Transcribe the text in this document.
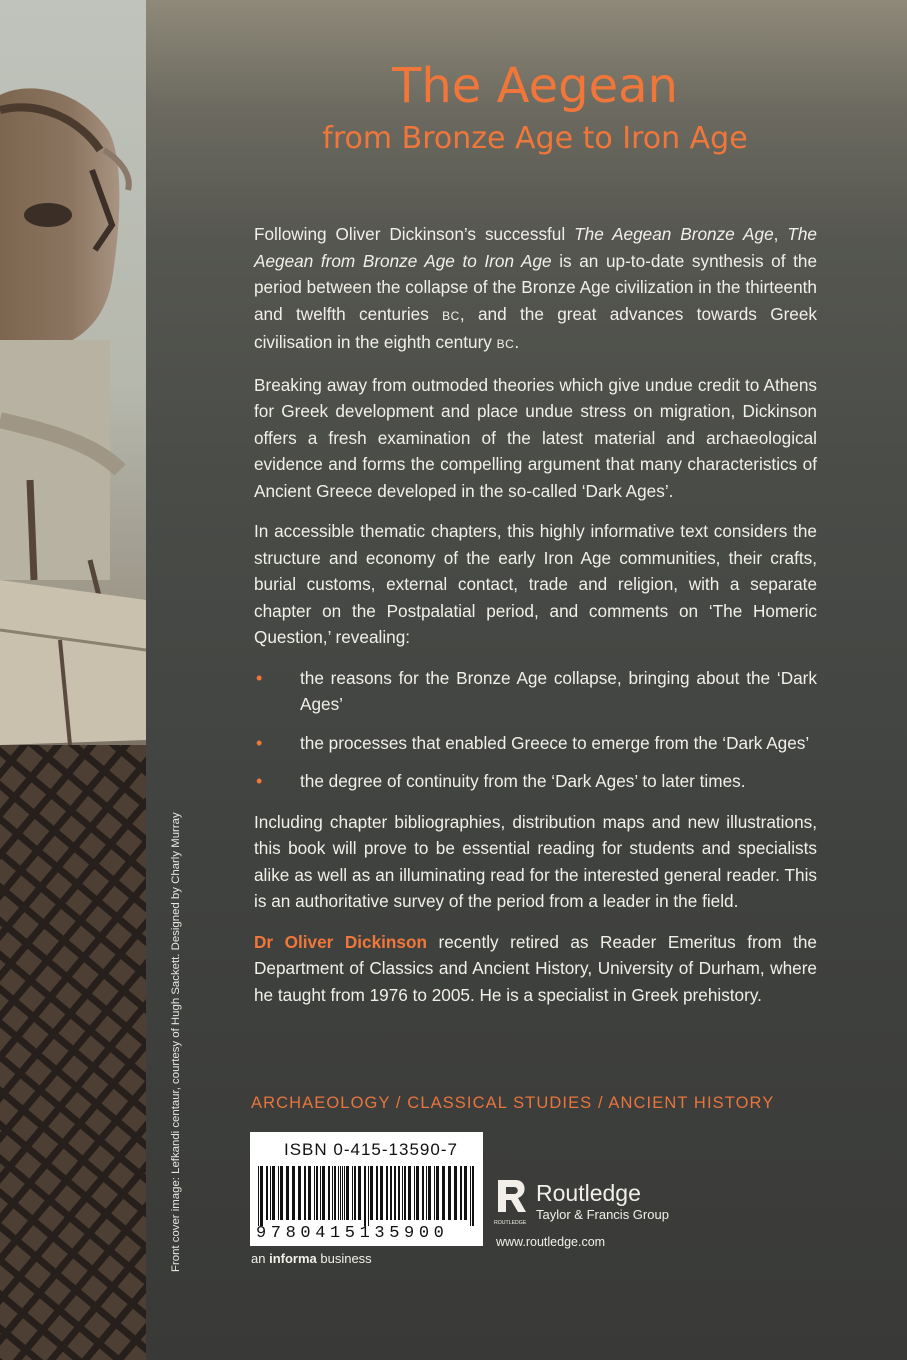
Front cover image: Lefkandi centaur, courtesy of Hugh Sackett. Designed by Charly Murray
The Aegean
from Bronze Age to Iron Age

Following Oliver Dickinson’s successful The Aegean Bronze Age, The Aegean from Bronze Age to Iron Age is an up-to-date synthesis of the period between the collapse of the Bronze Age civilization in the thirteenth and twelfth centuries BC, and the great advances towards Greek civilisation in the eighth century BC.

Breaking away from outmoded theories which give undue credit to Athens for Greek development and place undue stress on migration, Dickinson offers a fresh examination of the latest material and archaeological evidence and forms the compelling argument that many characteristics of Ancient Greece developed in the so-called ‘Dark Ages’.

In accessible thematic chapters, this highly informative text considers the structure and economy of the early Iron Age communities, their crafts, burial customs, external contact, trade and religion, with a separate chapter on the Postpalatial period, and comments on ‘The Homeric Question,’ revealing:

• the reasons for the Bronze Age collapse, bringing about the ‘Dark Ages’
• the processes that enabled Greece to emerge from the ‘Dark Ages’
• the degree of continuity from the ‘Dark Ages’ to later times.

Including chapter bibliographies, distribution maps and new illustrations, this book will prove to be essential reading for students and specialists alike as well as an illuminating read for the interested general reader. This is an authoritative survey of the period from a leader in the field.

Dr Oliver Dickinson recently retired as Reader Emeritus from the Department of Classics and Ancient History, University of Durham, where he taught from 1976 to 2005. He is a specialist in Greek prehistory.

ARCHAEOLOGY / CLASSICAL STUDIES / ANCIENT HISTORY
ISBN 0-415-13590-7
9780415135900
an informa business
ROUTLEDGE
Routledge
Taylor & Francis Group
www.routledge.com
